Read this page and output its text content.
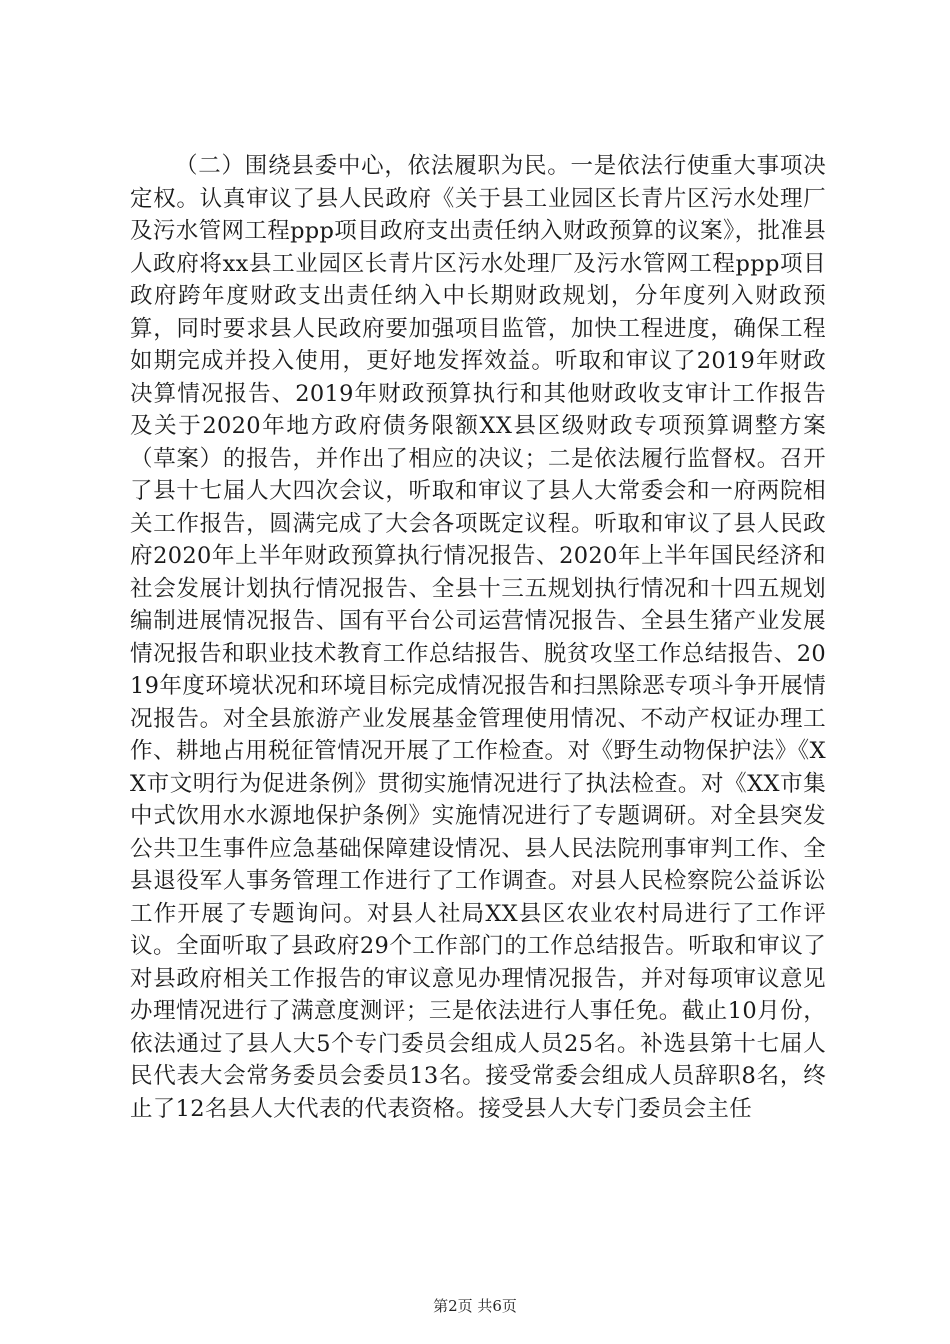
（二）围绕县委中心，依法履职为民。一是依法行使重大事项决定权。认真审议了县人民政府《关于县工业园区长青片区污水处理厂及污水管网工程ppp项目政府支出责任纳入财政预算的议案》，批准县人政府将xx县工业园区长青片区污水处理厂及污水管网工程ppp项目政府跨年度财政支出责任纳入中长期财政规划，分年度列入财政预算，同时要求县人民政府要加强项目监管，加快工程进度，确保工程如期完成并投入使用，更好地发挥效益。听取和审议了2019年财政决算情况报告、2019年财政预算执行和其他财政收支审计工作报告及关于2020年地方政府债务限额XX县区级财政专项预算调整方案（草案）的报告，并作出了相应的决议；二是依法履行监督权。召开了县十七届人大四次会议，听取和审议了县人大常委会和一府两院相关工作报告，圆满完成了大会各项既定议程。听取和审议了县人民政府2020年上半年财政预算执行情况报告、2020年上半年国民经济和社会发展计划执行情况报告、全县十三五规划执行情况和十四五规划编制进展情况报告、国有平台公司运营情况报告、全县生猪产业发展情况报告和职业技术教育工作总结报告、脱贫攻坚工作总结报告、2019年度环境状况和环境目标完成情况报告和扫黑除恶专项斗争开展情况报告。对全县旅游产业发展基金管理使用情况、不动产权证办理工作、耕地占用税征管情况开展了工作检查。对《野生动物保护法》《XX市文明行为促进条例》贯彻实施情况进行了执法检查。对《XX市集中式饮用水水源地保护条例》实施情况进行了专题调研。对全县突发公共卫生事件应急基础保障建设情况、县人民法院刑事审判工作、全县退役军人事务管理工作进行了工作调查。对县人民检察院公益诉讼工作开展了专题询问。对县人社局XX县区农业农村局进行了工作评议。全面听取了县政府29个工作部门的工作总结报告。听取和审议了对县政府相关工作报告的审议意见办理情况报告，并对每项审议意见办理情况进行了满意度测评；三是依法进行人事任免。截止10月份，依法通过了县人大5个专门委员会组成人员25名。补选县第十七届人民代表大会常务委员会委员13名。接受常委会组成人员辞职8名，终止了12名县人大代表的代表资格。接受县人大专门委员会主任

第2页 共6页
